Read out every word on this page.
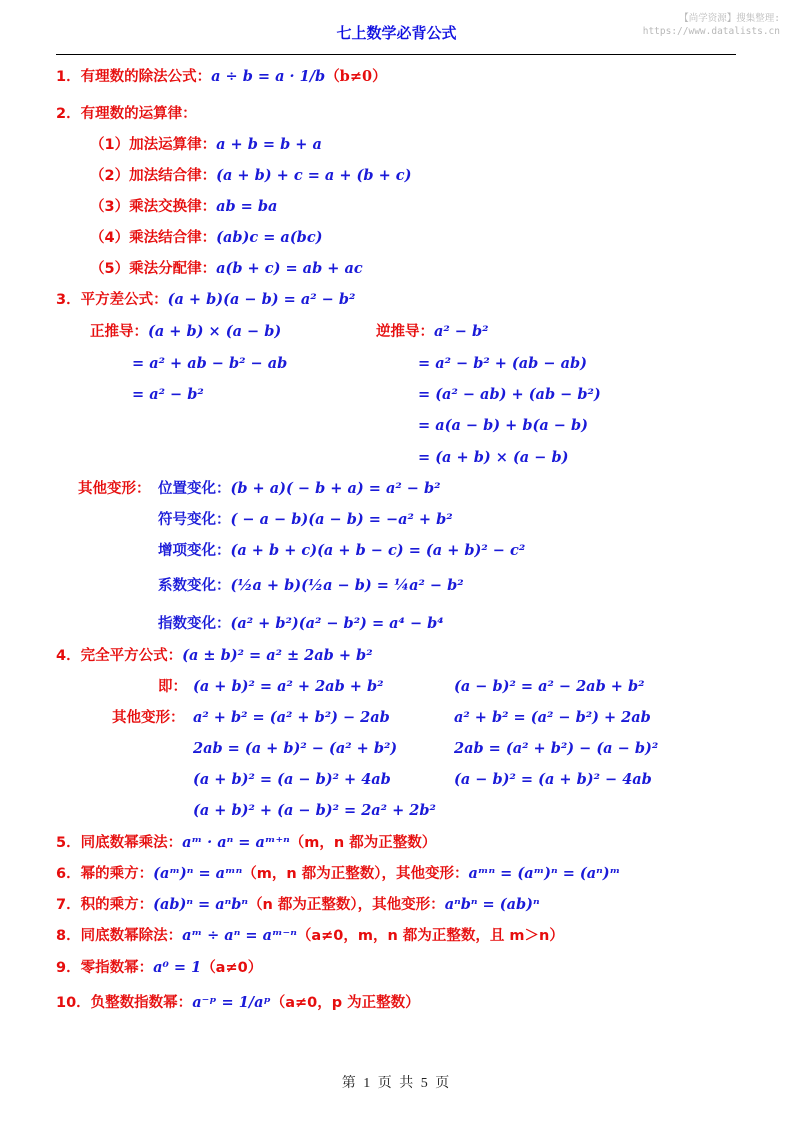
七上数学必背公式
【尚学资源】搜集整理:
https://www.datalists.cn
1．有理数的除法公式：a ÷ b = a · 1/b（b≠0）
2．有理数的运算律：
（1）加法运算律：a + b = b + a
（2）加法结合律：(a + b) + c = a + (b + c)
（3）乘法交换律：ab = ba
（4）乘法结合律：(ab)c = a(bc)
（5）乘法分配律：a(b + c) = ab + ac
3．平方差公式：(a + b)(a − b) = a² − b²
正推导：(a + b) × (a − b)
= a² + ab − b² − ab
= a² − b²
逆推导：a² − b²
= a² − b² + (ab − ab)
= (a² − ab) + (ab − b²)
= a(a − b) + b(a − b)
= (a + b) × (a − b)
其他变形： 位置变化：(b + a)( − b + a) = a² − b²
符号变化：( − a − b)(a − b) = −a² + b²
增项变化：(a + b + c)(a + b − c) = (a + b)² − c²
系数变化：(½a + b)(½a − b) = ¼a² − b²
指数变化：(a² + b²)(a² − b²) = a⁴ − b⁴
4．完全平方公式：(a ± b)² = a² ± 2ab + b²
即： (a + b)² = a² + 2ab + b²	(a − b)² = a² − 2ab + b²
其他变形： a² + b² = (a² + b²) − 2ab	a² + b² = (a² − b²) + 2ab
2ab = (a + b)² − (a² + b²)	2ab = (a² + b²) − (a − b)²
(a + b)² = (a − b)² + 4ab	(a − b)² = (a + b)² − 4ab
(a + b)² + (a − b)² = 2a² + 2b²
5．同底数幂乘法：aᵐ · aⁿ = aᵐ⁺ⁿ（m，n 都为正整数）
6．幂的乘方：(aᵐ)ⁿ = aᵐⁿ（m，n 都为正整数），其他变形：aᵐⁿ = (aᵐ)ⁿ = (aⁿ)ᵐ
7．积的乘方：(ab)ⁿ = aⁿbⁿ（n 都为正整数），其他变形：aⁿbⁿ = (ab)ⁿ
8．同底数幂除法：aᵐ ÷ aⁿ = aᵐ⁻ⁿ（a≠0，m，n 都为正整数，且 m＞n）
9．零指数幂：a⁰ = 1（a≠0）
10．负整数指数幂：a⁻ᵖ = 1/aᵖ（a≠0，p 为正整数）
第 1 页 共 5 页
